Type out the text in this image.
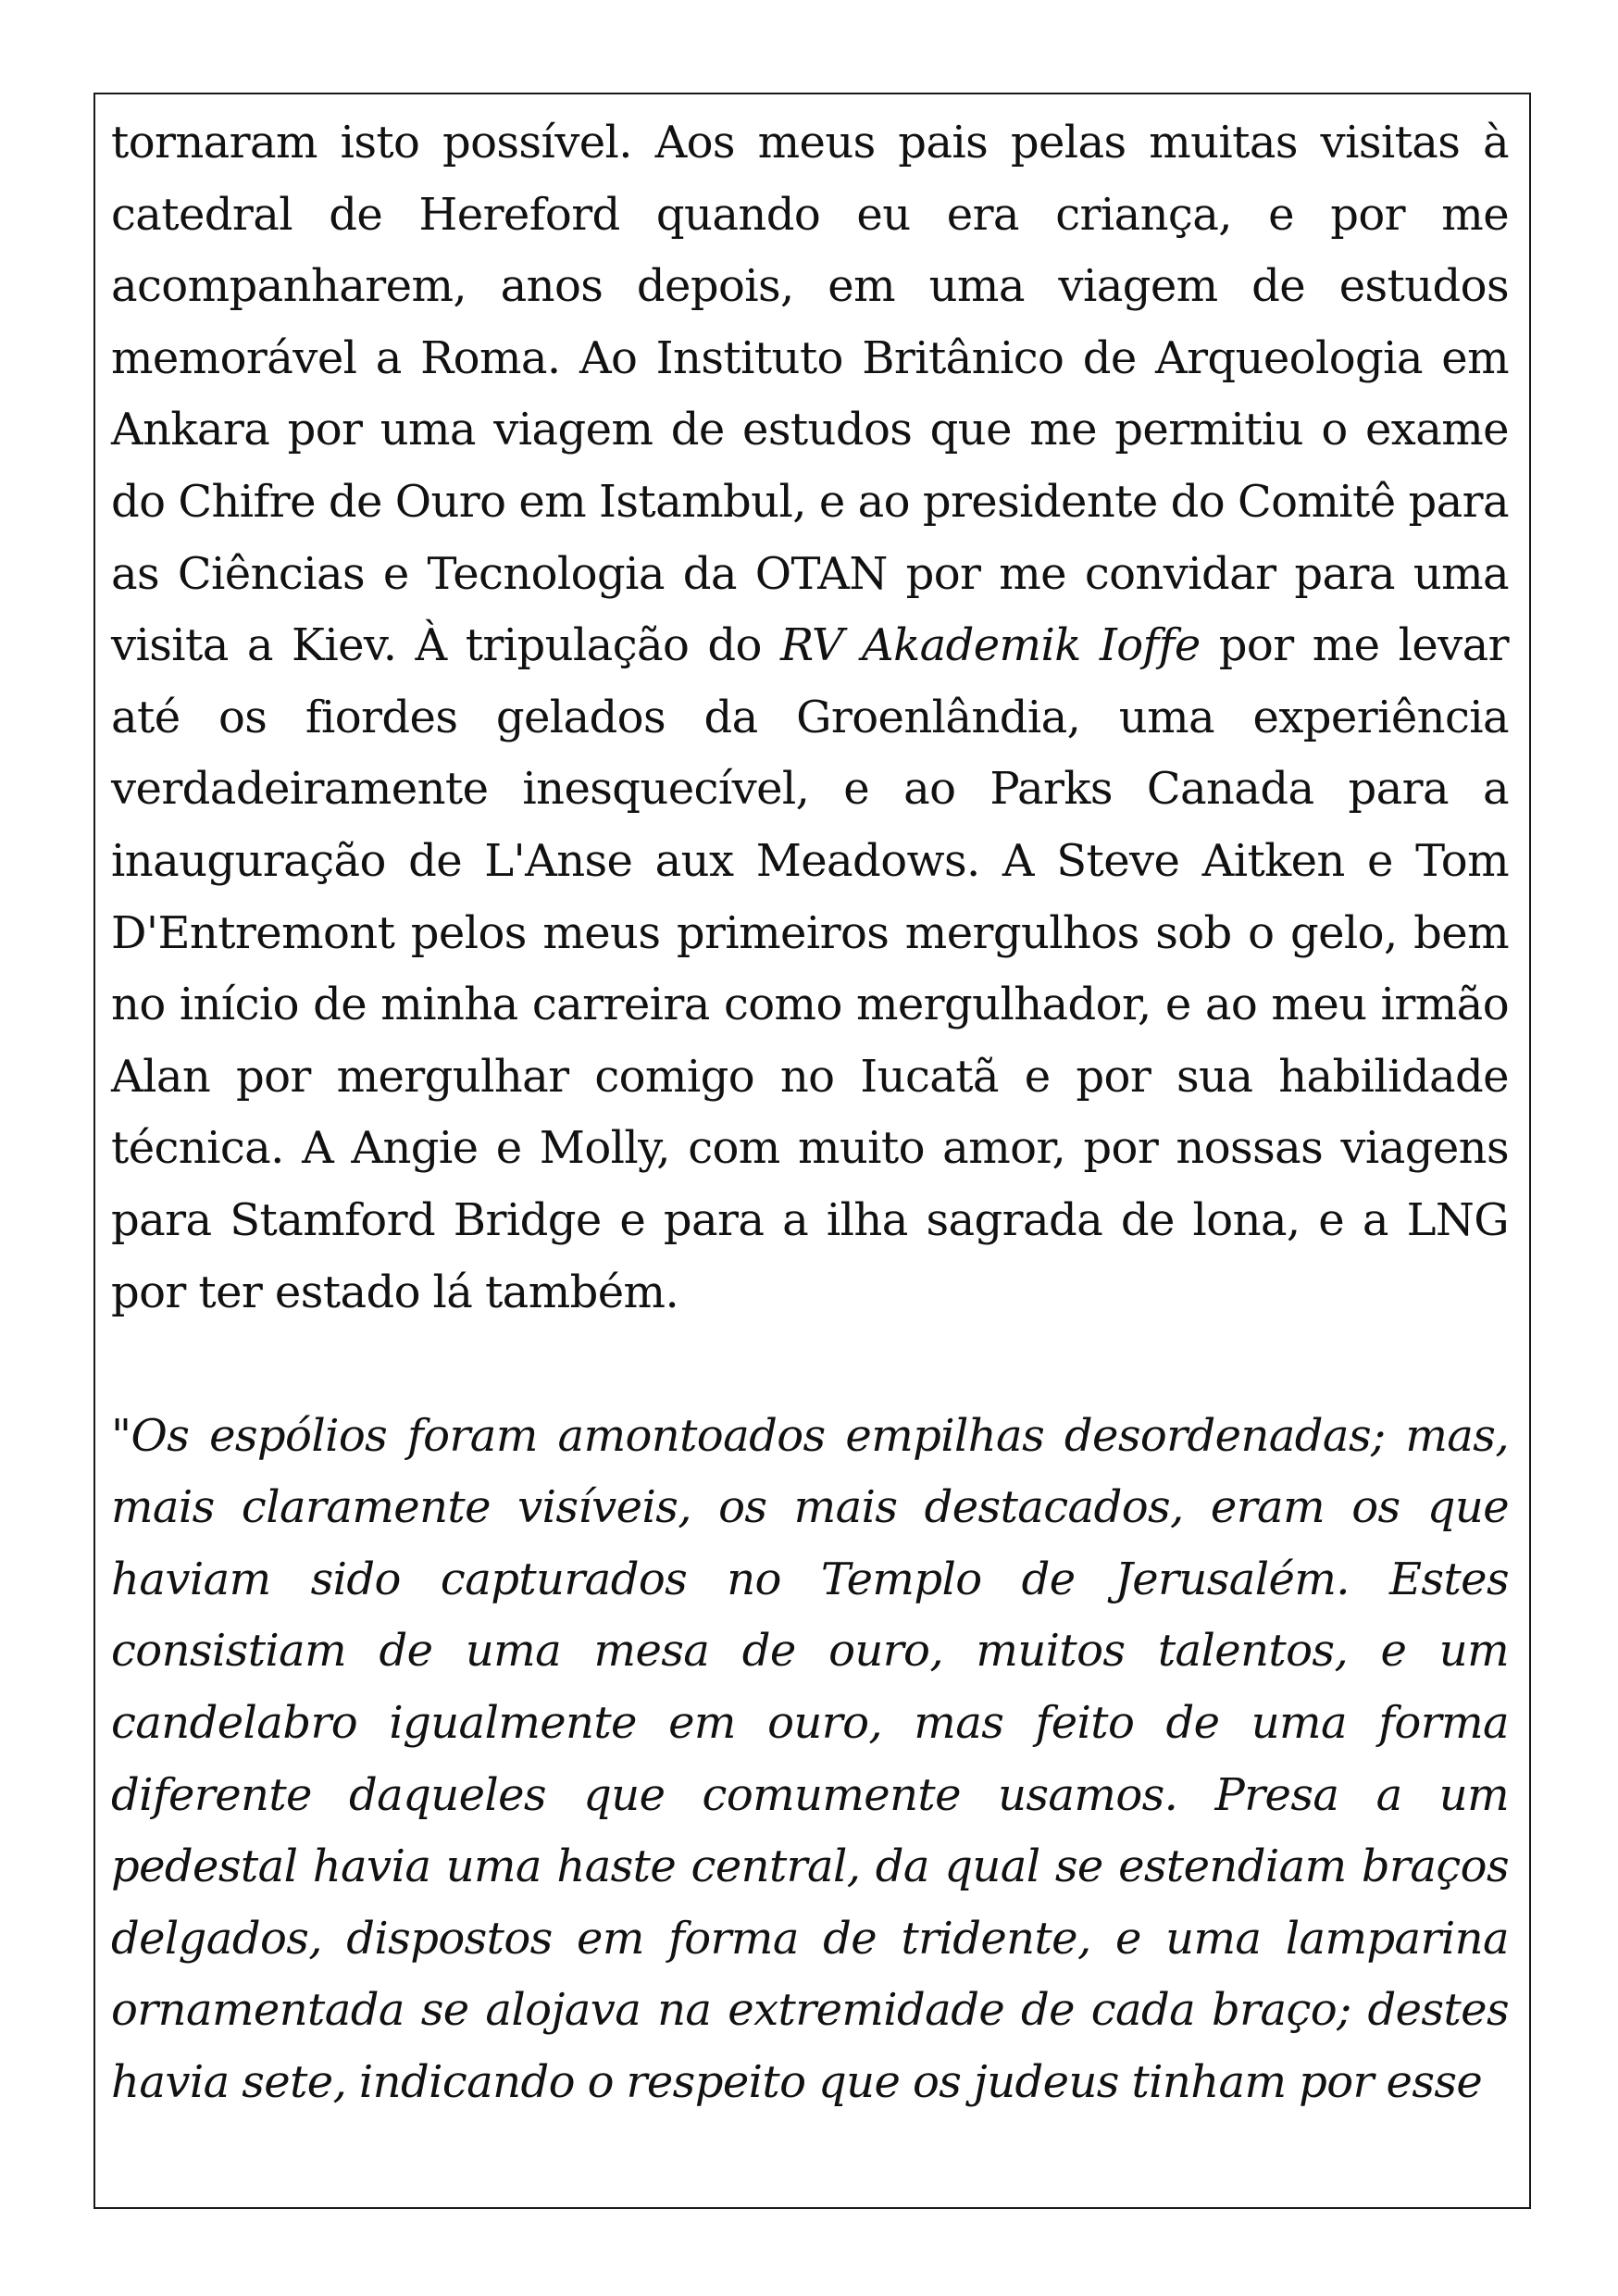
tornaram isto possível. Aos meus pais pelas muitas visitas à catedral de Hereford quando eu era criança, e por me acompanharem, anos depois, em uma viagem de estudos memorável a Roma. Ao Instituto Britânico de Arqueologia em Ankara por uma viagem de estudos que me permitiu o exame do Chifre de Ouro em Istambul, e ao presidente do Comitê para as Ciências e Tecnologia da OTAN por me convidar para uma visita a Kiev. À tripulação do RV Akademik Ioffe por me levar até os fiordes gelados da Groenlândia, uma experiência verdadeiramente inesquecível, e ao Parks Canada para a inauguração de L'Anse aux Meadows. A Steve Aitken e Tom D'Entremont pelos meus primeiros mergulhos sob o gelo, bem no início de minha carreira como mergulhador, e ao meu irmão Alan por mergulhar comigo no Iucatã e por sua habilidade técnica. A Angie e Molly, com muito amor, por nossas viagens para Stamford Bridge e para a ilha sagrada de lona, e a LNG por ter estado lá também.

"Os espólios foram amontoados empilhas desordenadas; mas, mais claramente visíveis, os mais destacados, eram os que haviam sido capturados no Templo de Jerusalém. Estes consistiam de uma mesa de ouro, muitos talentos, e um candelabro igualmente em ouro, mas feito de uma forma diferente daqueles que comumente usamos. Presa a um pedestal havia uma haste central, da qual se estendiam braços delgados, dispostos em forma de tridente, e uma lamparina ornamentada se alojava na extremidade de cada braço; destes havia sete, indicando o respeito que os judeus tinham por esse
